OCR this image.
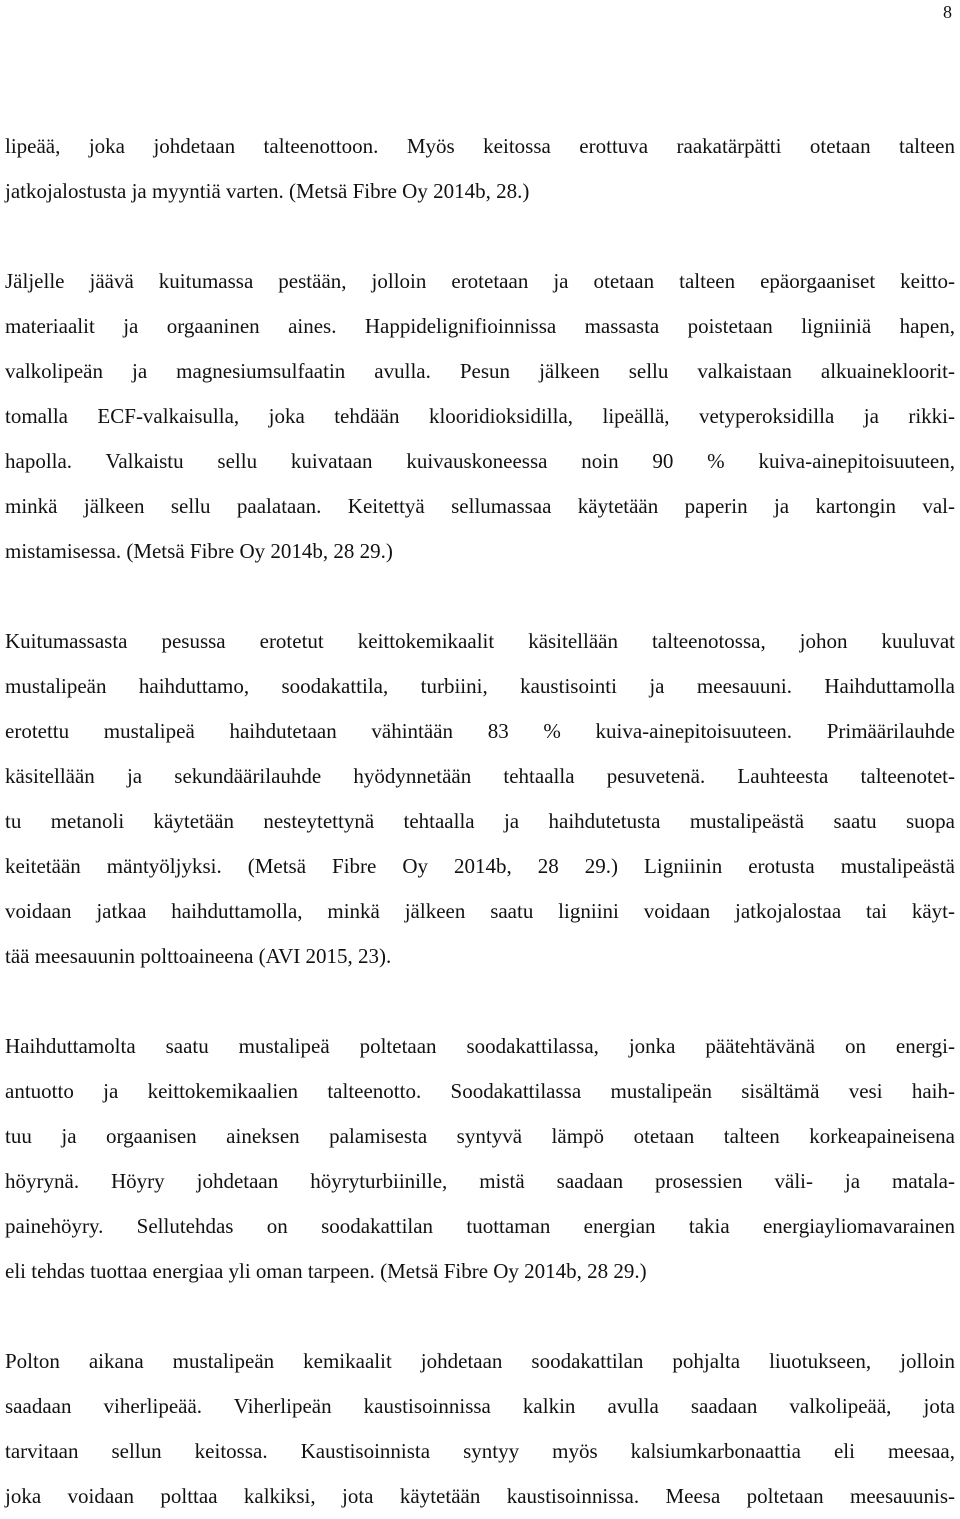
8
lipeää, joka johdetaan talteenottoon. Myös keitossa erottuva raakatärpätti otetaan talteen
jatkojalostusta ja myyntiä varten. (Metsä Fibre Oy 2014b, 28.)
Jäljelle jäävä kuitumassa pestään, jolloin erotetaan ja otetaan talteen epäorgaaniset keitto-
materiaalit ja orgaaninen aines. Happidelignifioinnissa massasta poistetaan ligniiniä hapen,
valkolipeän ja magnesiumsulfaatin avulla. Pesun jälkeen sellu valkaistaan alkuainekloorit-
tomalla ECF-valkaisulla, joka tehdään klooridioksidilla, lipeällä, vetyperoksidilla ja rikki-
hapolla. Valkaistu sellu kuivataan kuivauskoneessa noin 90 % kuiva-ainepitoisuuteen,
minkä jälkeen sellu paalataan. Keitettyä sellumassaa käytetään paperin ja kartongin val-
mistamisessa. (Metsä Fibre Oy 2014b, 28 29.)
Kuitumassasta pesussa erotetut keittokemikaalit käsitellään talteenotossa, johon kuuluvat
mustalipeän haihduttamo, soodakattila, turbiini, kaustisointi ja meesauuni. Haihduttamolla
erotettu mustalipeä haihdutetaan vähintään 83 % kuiva-ainepitoisuuteen. Primäärilauhde
käsitellään ja sekundäärilauhde hyödynnetään tehtaalla pesuvetenä. Lauhteesta talteenotet-
tu metanoli käytetään nesteytettynä tehtaalla ja haihdutetusta mustalipeästä saatu suopa
keitetään mäntyöljyksi. (Metsä Fibre Oy 2014b, 28 29.) Ligniinin erotusta mustalipeästä
voidaan jatkaa haihduttamolla, minkä jälkeen saatu ligniini voidaan jatkojalostaa tai käyt-
tää meesauunin polttoaineena (AVI 2015, 23).
Haihduttamolta saatu mustalipeä poltetaan soodakattilassa, jonka päätehtävänä on energi-
antuotto ja keittokemikaalien talteenotto. Soodakattilassa mustalipeän sisältämä vesi haih-
tuu ja orgaanisen aineksen palamisesta syntyvä lämpö otetaan talteen korkeapaineisena
höyrynä. Höyry johdetaan höyryturbiinille, mistä saadaan prosessien väli- ja matala-
painehöyry. Sellutehdas on soodakattilan tuottaman energian takia energiayliomavarainen
eli tehdas tuottaa energiaa yli oman tarpeen. (Metsä Fibre Oy 2014b, 28 29.)
Polton aikana mustalipeän kemikaalit johdetaan soodakattilan pohjalta liuotukseen, jolloin
saadaan viherlipeää. Viherlipeän kaustisoinnissa kalkin avulla saadaan valkolipeää, jota
tarvitaan sellun keitossa. Kaustisoinnista syntyy myös kalsiumkarbonaattia eli meesaa,
joka voidaan polttaa kalkiksi, jota käytetään kaustisoinnissa. Meesa poltetaan meesauunis-
